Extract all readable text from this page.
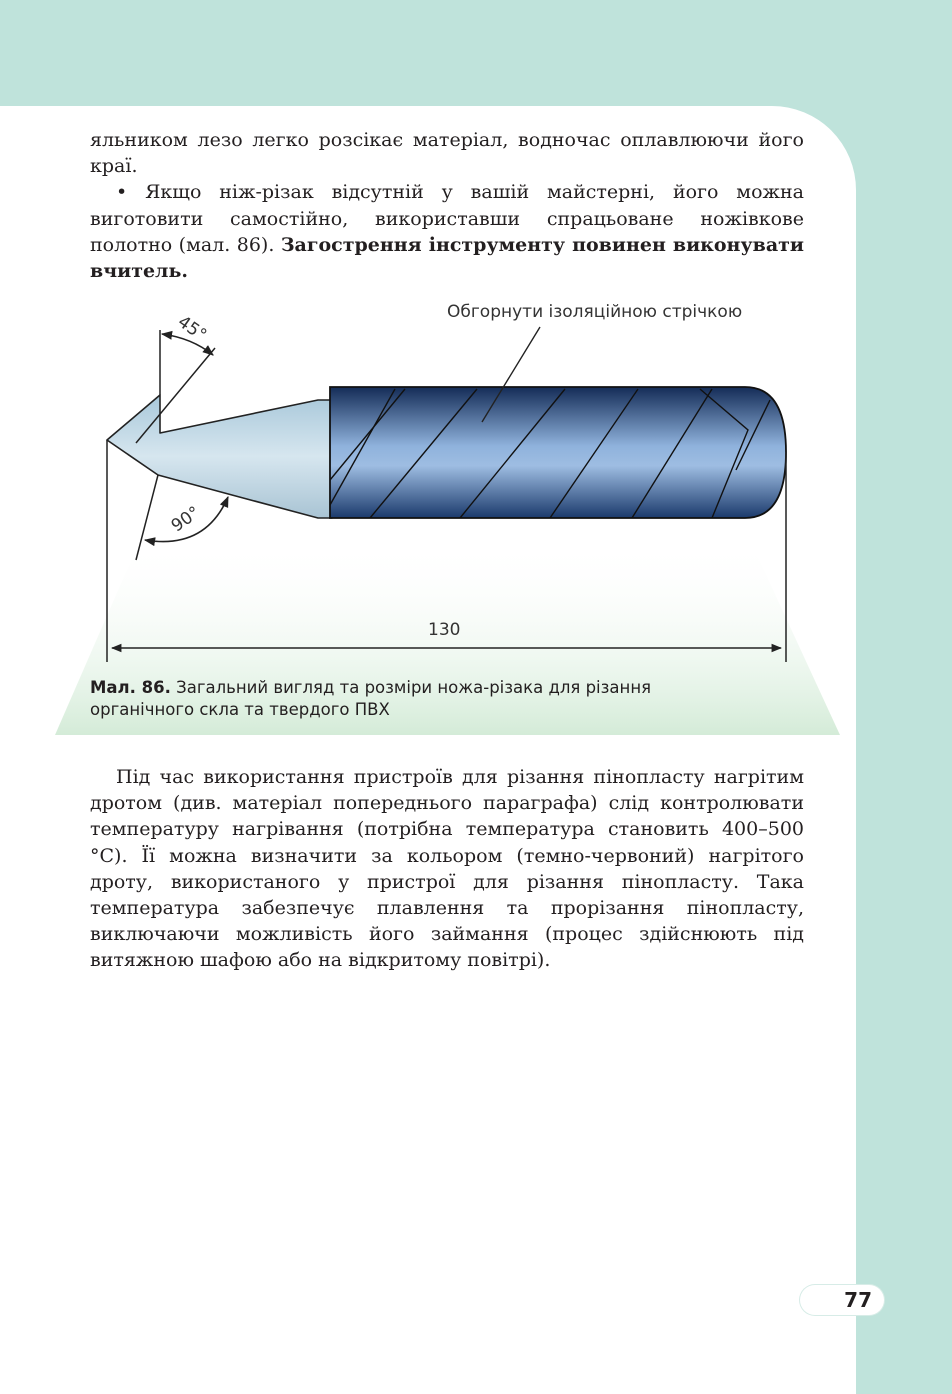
яльником лезо легко розсікає матеріал, водночас оплавлюючи його краї.

• Якщо ніж-різак відсутній у вашій майстерні, його можна виготовити самостійно, використавши спрацьоване ножівкове полотно (мал. 86). Загострення інструменту повинен виконувати вчитель.

45°
90°
Обгорнути ізоляційною стрічкою
130
Мал. 86. Загальний вигляд та розміри ножа-різака для різання органічного скла та твердого ПВХ

Під час використання пристроїв для різання пінопласту нагрітим дротом (див. матеріал попереднього параграфа) слід контролювати температуру нагрівання (потрібна температура становить 400–500 °С). Її можна визначити за кольором (темно-червоний) нагрітого дроту, використаного у пристрої для різання пінопласту. Така температура забезпечує плавлення та прорізання пінопласту, виключаючи можливість його займання (процес здійснюють під витяжною шафою або на відкритому повітрі).

77
